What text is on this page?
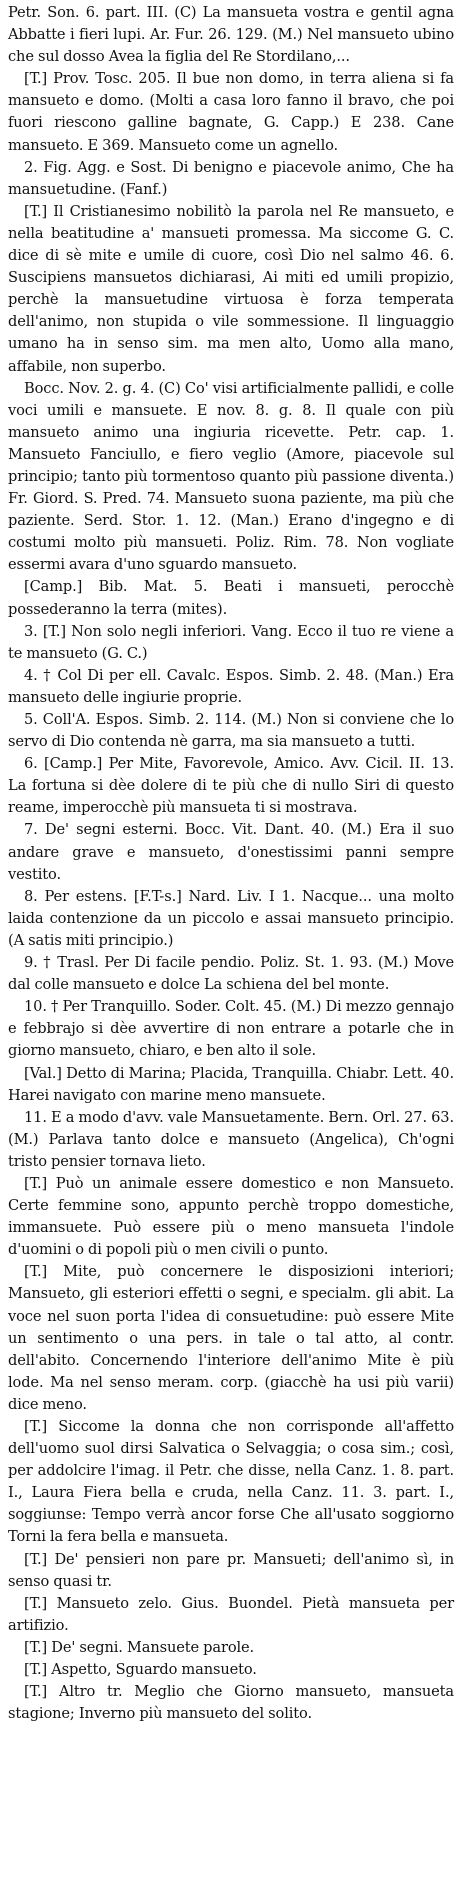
Petr. Son. 6. part. III. (C) La mansueta vostra e gentil agna Abbatte i fieri lupi. Ar. Fur. 26. 129. (M.) Nel mansueto ubino che sul dosso Avea la figlia del Re Stordilano,...

[T.] Prov. Tosc. 205. Il bue non domo, in terra aliena si fa mansueto e domo. (Molti a casa loro fanno il bravo, che poi fuori riescono galline bagnate, G. Capp.) E 238. Cane mansueto. E 369. Mansueto come un agnello.

2. Fig. Agg. e Sost. Di benigno e piacevole animo, Che ha mansuetudine. (Fanf.)

[T.] Il Cristianesimo nobilitò la parola nel Re mansueto, e nella beatitudine a' mansueti promessa. Ma siccome G. C. dice di sè mite e umile di cuore, così Dio nel salmo 46. 6. Suscipiens mansuetos dichiarasi, Ai miti ed umili propizio, perchè la mansuetudine virtuosa è forza temperata dell'animo, non stupida o vile sommessione. Il linguaggio umano ha in senso sim. ma men alto, Uomo alla mano, affabile, non superbo.

Bocc. Nov. 2. g. 4. (C) Co' visi artificialmente pallidi, e colle voci umili e mansuete. E nov. 8. g. 8. Il quale con più mansueto animo una ingiuria ricevette. Petr. cap. 1. Mansueto Fanciullo, e fiero veglio (Amore, piacevole sul principio; tanto più tormentoso quanto più passione diventa.) Fr. Giord. S. Pred. 74. Mansueto suona paziente, ma più che paziente. Serd. Stor. 1. 12. (Man.) Erano d'ingegno e di costumi molto più mansueti. Poliz. Rim. 78. Non vogliate essermi avara d'uno sguardo mansueto.

[Camp.] Bib. Mat. 5. Beati i mansueti, perocchè possederanno la terra (mites).

3. [T.] Non solo negli inferiori. Vang. Ecco il tuo re viene a te mansueto (G. C.)

4. † Col Di per ell. Cavalc. Espos. Simb. 2. 48. (Man.) Era mansueto delle ingiurie proprie.

5. Coll'A. Espos. Simb. 2. 114. (M.) Non si conviene che lo servo di Dio contenda nè garra, ma sia mansueto a tutti.

6. [Camp.] Per Mite, Favorevole, Amico. Avv. Cicil. II. 13. La fortuna si dèe dolere di te più che di nullo Siri di questo reame, imperocchè più mansueta ti si mostrava.

7. De' segni esterni. Bocc. Vit. Dant. 40. (M.) Era il suo andare grave e mansueto, d'onestissimi panni sempre vestito.

8. Per estens. [F.T-s.] Nard. Liv. I 1. Nacque... una molto laida contenzione da un piccolo e assai mansueto principio. (A satis miti principio.)

9. † Trasl. Per Di facile pendio. Poliz. St. 1. 93. (M.) Move dal colle mansueto e dolce La schiena del bel monte.

10. † Per Tranquillo. Soder. Colt. 45. (M.) Di mezzo gennajo e febbrajo si dèe avvertire di non entrare a potarle che in giorno mansueto, chiaro, e ben alto il sole.

[Val.] Detto di Marina; Placida, Tranquilla. Chiabr. Lett. 40. Harei navigato con marine meno mansuete.

11. E a modo d'avv. vale Mansuetamente. Bern. Orl. 27. 63. (M.) Parlava tanto dolce e mansueto (Angelica), Ch'ogni tristo pensier tornava lieto.

[T.] Può un animale essere domestico e non Mansueto. Certe femmine sono, appunto perchè troppo domestiche, immansuete. Può essere più o meno mansueta l'indole d'uomini o di popoli più o men civili o punto.

[T.] Mite, può concernere le disposizioni interiori; Mansueto, gli esteriori effetti o segni, e specialm. gli abit. La voce nel suon porta l'idea di consuetudine: può essere Mite un sentimento o una pers. in tale o tal atto, al contr. dell'abito. Concernendo l'interiore dell'animo Mite è più lode. Ma nel senso meram. corp. (giacchè ha usi più varii) dice meno.

[T.] Siccome la donna che non corrisponde all'affetto dell'uomo suol dirsi Salvatica o Selvaggia; o cosa sim.; così, per addolcire l'imag. il Petr. che disse, nella Canz. 1. 8. part. I., Laura Fiera bella e cruda, nella Canz. 11. 3. part. I., soggiunse: Tempo verrà ancor forse Che all'usato soggiorno Torni la fera bella e mansueta.

[T.] De' pensieri non pare pr. Mansueti; dell'animo sì, in senso quasi tr.

[T.] Mansueto zelo. Gius. Buondel. Pietà mansueta per artifizio.

[T.] De' segni. Mansuete parole.

[T.] Aspetto, Sguardo mansueto.

[T.] Altro tr. Meglio che Giorno mansueto, mansueta stagione; Inverno più mansueto del solito.
